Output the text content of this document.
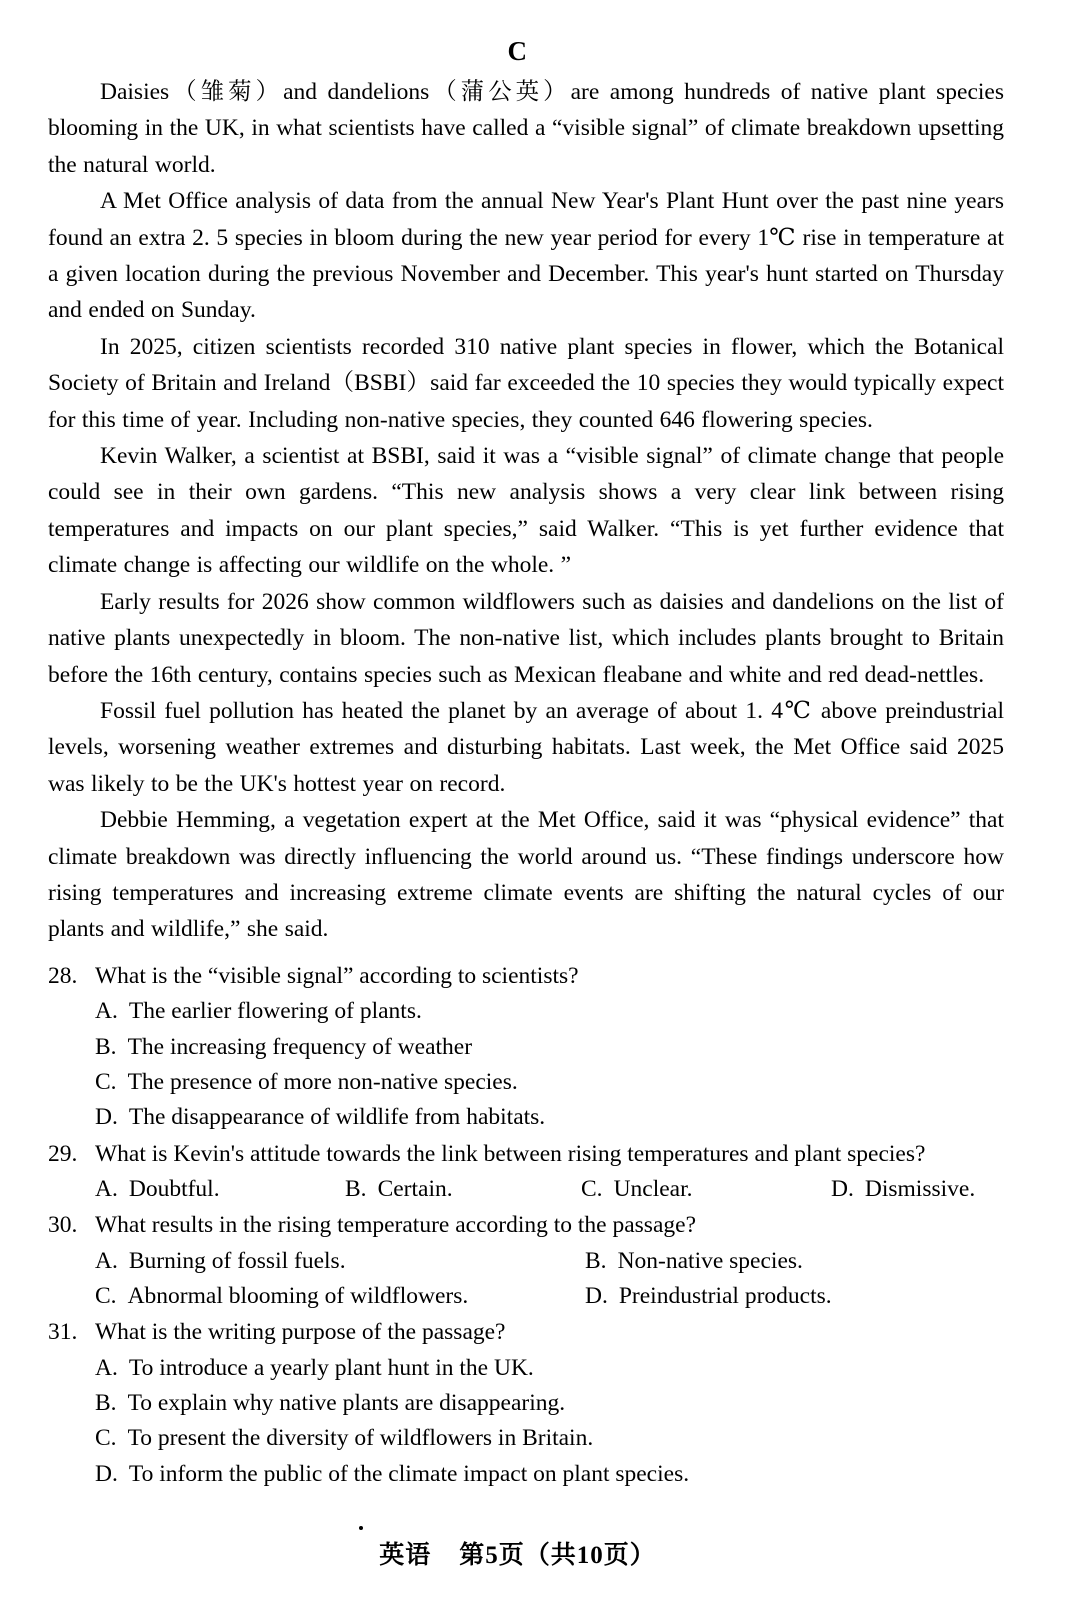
C

Daisies（雏菊）and dandelions（蒲公英）are among hundreds of native plant species blooming in the UK, in what scientists have called a “visible signal” of climate breakdown upsetting the natural world.

A Met Office analysis of data from the annual New Year's Plant Hunt over the past nine years found an extra 2. 5 species in bloom during the new year period for every 1℃ rise in temperature at a given location during the previous November and December. This year's hunt started on Thursday and ended on Sunday.

In 2025, citizen scientists recorded 310 native plant species in flower, which the Botanical Society of Britain and Ireland（BSBI）said far exceeded the 10 species they would typically expect for this time of year. Including non-native species, they counted 646 flowering species.

Kevin Walker, a scientist at BSBI, said it was a “visible signal” of climate change that people could see in their own gardens. “This new analysis shows a very clear link between rising temperatures and impacts on our plant species,” said Walker. “This is yet further evidence that climate change is affecting our wildlife on the whole. ”

Early results for 2026 show common wildflowers such as daisies and dandelions on the list of native plants unexpectedly in bloom. The non-native list, which includes plants brought to Britain before the 16th century, contains species such as Mexican fleabane and white and red dead-nettles.

Fossil fuel pollution has heated the planet by an average of about 1. 4℃ above preindustrial levels, worsening weather extremes and disturbing habitats. Last week, the Met Office said 2025 was likely to be the UK's hottest year on record.

Debbie Hemming, a vegetation expert at the Met Office, said it was “physical evidence” that climate breakdown was directly influencing the world around us. “These findings underscore how rising temperatures and increasing extreme climate events are shifting the natural cycles of our plants and wildlife,” she said.

28. What is the “visible signal” according to scientists?
A. The earlier flowering of plants.
B. The increasing frequency of weather
C. The presence of more non-native species.
D. The disappearance of wildlife from habitats.
29. What is Kevin's attitude towards the link between rising temperatures and plant species?
A. Doubtful.	B. Certain.	C. Unclear.	D. Dismissive.
30. What results in the rising temperature according to the passage?
A. Burning of fossil fuels.	B. Non-native species.
C. Abnormal blooming of wildflowers.	D. Preindustrial products.
31. What is the writing purpose of the passage?
A. To introduce a yearly plant hunt in the UK.
B. To explain why native plants are disappearing.
C. To present the diversity of wildflowers in Britain.
D. To inform the public of the climate impact on plant species.
英语 第5页（共10页）
